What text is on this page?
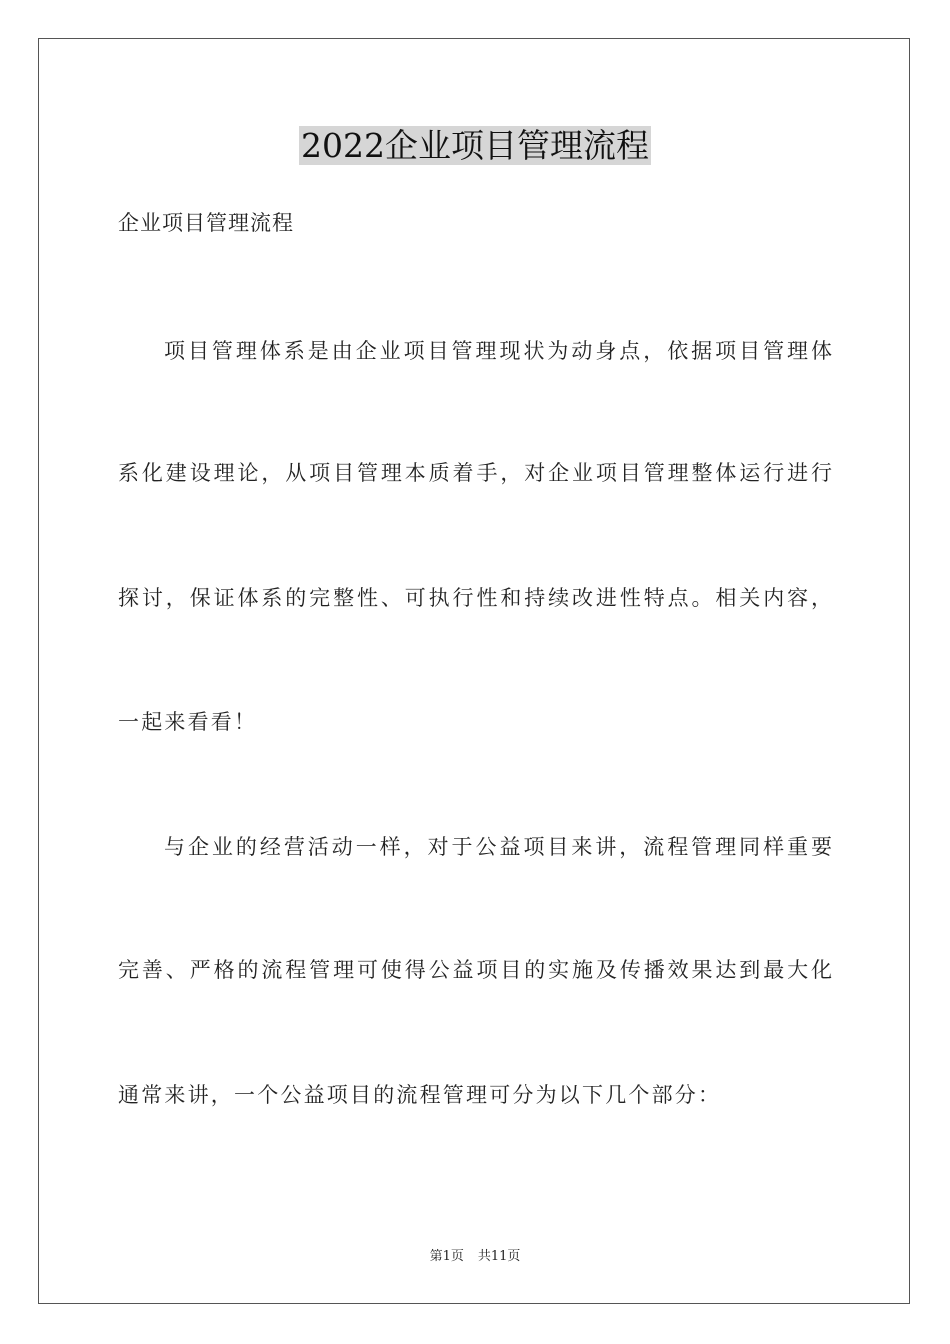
2022企业项目管理流程
企业项目管理流程
项目管理体系是由企业项目管理现状为动身点，依据项目管理体
系化建设理论，从项目管理本质着手，对企业项目管理整体运行进行
探讨，保证体系的完整性、可执行性和持续改进性特点。相关内容，
一起来看看！
与企业的经营活动一样，对于公益项目来讲，流程管理同样重要
完善、严格的流程管理可使得公益项目的实施及传播效果达到最大化
通常来讲，一个公益项目的流程管理可分为以下几个部分：
第1页 共11页
